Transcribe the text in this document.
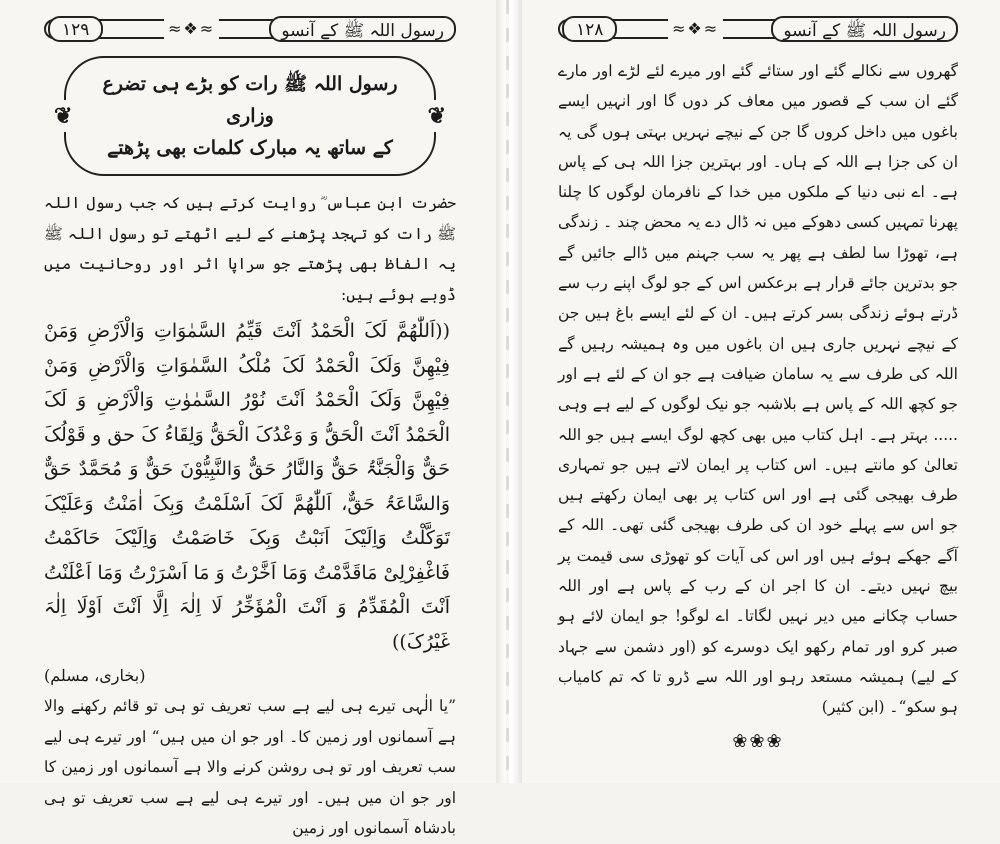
۱۲۹	≈❖≈	رسول اللہ ﷺ کے آنسو
❦ رسول اللہ ﷺ رات کو بڑے ہی تضرع وزاری
کے ساتھ یہ مبارک کلمات بھی پڑھتے
❦

حضرت ابن عباس ؓ روایت کرتے ہیں کہ جب رسول اللہ ﷺ رات کو تہجد پڑھنے کے لیے اٹھتے تو رسول اللہ ﷺ یہ الفاظ بھی پڑھتے جو سراپا اثر اور روحانیت میں ڈوبے ہوئے ہیں:

((اَللّٰھُمَّ لَکَ الْحَمْدُ اَنْتَ قَیِّمُ السَّمٰوَاتِ وَالْاَرْضِ وَمَنْ فِیْھِنَّ وَلَکَ الْحَمْدُ لَکَ مُلْکُ السَّمٰوَاتِ وَالْاَرْضِ وَمَنْ فِیْھِنَّ وَلَکَ الْحَمْدُ اَنْتَ نُوْرُ السَّمٰوٰتِ وَالْاَرْضِ وَ لَکَ الْحَمْدُ اَنْتَ الْحَقُّ وَ وَعْدُکَ الْحَقُّ وَلِقَاءُ کَ حق و قَوْلُکَ حَقٌّ وَالْجَنَّۃُ حَقٌّ وَالنَّارُ حَقٌّ وَالنَّبِیُّوْنَ حَقٌّ وَ مُحَمَّدٌ حَقٌّ وَالسَّاعَۃُ حَقٌّ، اَللّٰھُمَّ لَکَ اَسْلَمْتُ وَبِکَ اٰمَنْتُ وَعَلَیْکَ تَوَکَّلْتُ وَاِلَیْکَ اَنَبْتُ وَبِکَ خَاصَمْتُ وَاِلَیْکَ حَاکَمْتُ فَاغْفِرْلِیْ مَاقَدَّمْتُ وَمَا اَخَّرْتُ وَ مَا اَسْرَرْتُ وَمَا اَعْلَنْتُ اَنْتَ الْمُقَدِّمُ وَ اَنْتَ الْمُؤَخِّرُ لَا اِلٰہَ اِلَّا اَنْتَ اَوْلَا اِلٰہَ غَیْرُکَ))

(بخاری، مسلم)

”یا الٰہی تیرے ہی لیے ہے سب تعریف تو ہی تو قائم رکھنے والا ہے آسمانوں اور زمین کا۔ اور جو ان میں ہیں“ اور تیرے ہی لیے سب تعریف اور تو ہی روشن کرنے والا ہے آسمانوں اور زمین کا اور جو ان میں ہیں۔ اور تیرے ہی لیے ہے سب تعریف تو ہی بادشاہ آسمانوں اور زمین

۱۲۸	≈❖≈	رسول اللہ ﷺ کے آنسو

گھروں سے نکالے گئے اور ستائے گئے اور میرے لئے لڑے اور مارے گئے ان سب کے قصور میں معاف کر دوں گا اور انہیں ایسے باغوں میں داخل کروں گا جن کے نیچے نہریں بہتی ہوں گی یہ ان کی جزا ہے اللہ کے ہاں۔ اور بہترین جزا اللہ ہی کے پاس ہے۔ اے نبی دنیا کے ملکوں میں خدا کے نافرمان لوگوں کا چلنا پھرنا تمہیں کسی دھوکے میں نہ ڈال دے یہ محض چند ۔ زندگی ہے، تھوڑا سا لطف ہے پھر یہ سب جہنم میں ڈالے جائیں گے جو بدترین جائے قرار ہے برعکس اس کے جو لوگ اپنے رب سے ڈرتے ہوئے زندگی بسر کرتے ہیں۔ ان کے لئے ایسے باغ ہیں جن کے نیچے نہریں جاری ہیں ان باغوں میں وہ ہمیشہ رہیں گے اللہ کی طرف سے یہ سامان ضیافت ہے جو ان کے لئے ہے اور جو کچھ اللہ کے پاس ہے بلاشبہ جو نیک لوگوں کے لیے ہے وہی ..... بہتر ہے۔ اہل کتاب میں بھی کچھ لوگ ایسے ہیں جو اللہ تعالیٰ کو مانتے ہیں۔ اس کتاب پر ایمان لاتے ہیں جو تمہاری طرف بھیجی گئی ہے اور اس کتاب پر بھی ایمان رکھتے ہیں جو اس سے پہلے خود ان کی طرف بھیجی گئی تھی۔ اللہ کے آگے جھکے ہوئے ہیں اور اس کی آیات کو تھوڑی سی قیمت پر بیچ نہیں دیتے۔ ان کا اجر ان کے رب کے پاس ہے اور اللہ حساب چکانے میں دیر نہیں لگاتا۔ اے لوگو! جو ایمان لائے ہو صبر کرو اور تمام رکھو ایک دوسرے کو (اور دشمن سے جہاد کے لیے) ہمیشہ مستعد رہو اور اللہ سے ڈرو تا کہ تم کامیاب ہو سکو“۔ (ابن کثیر)

❀❀❀
